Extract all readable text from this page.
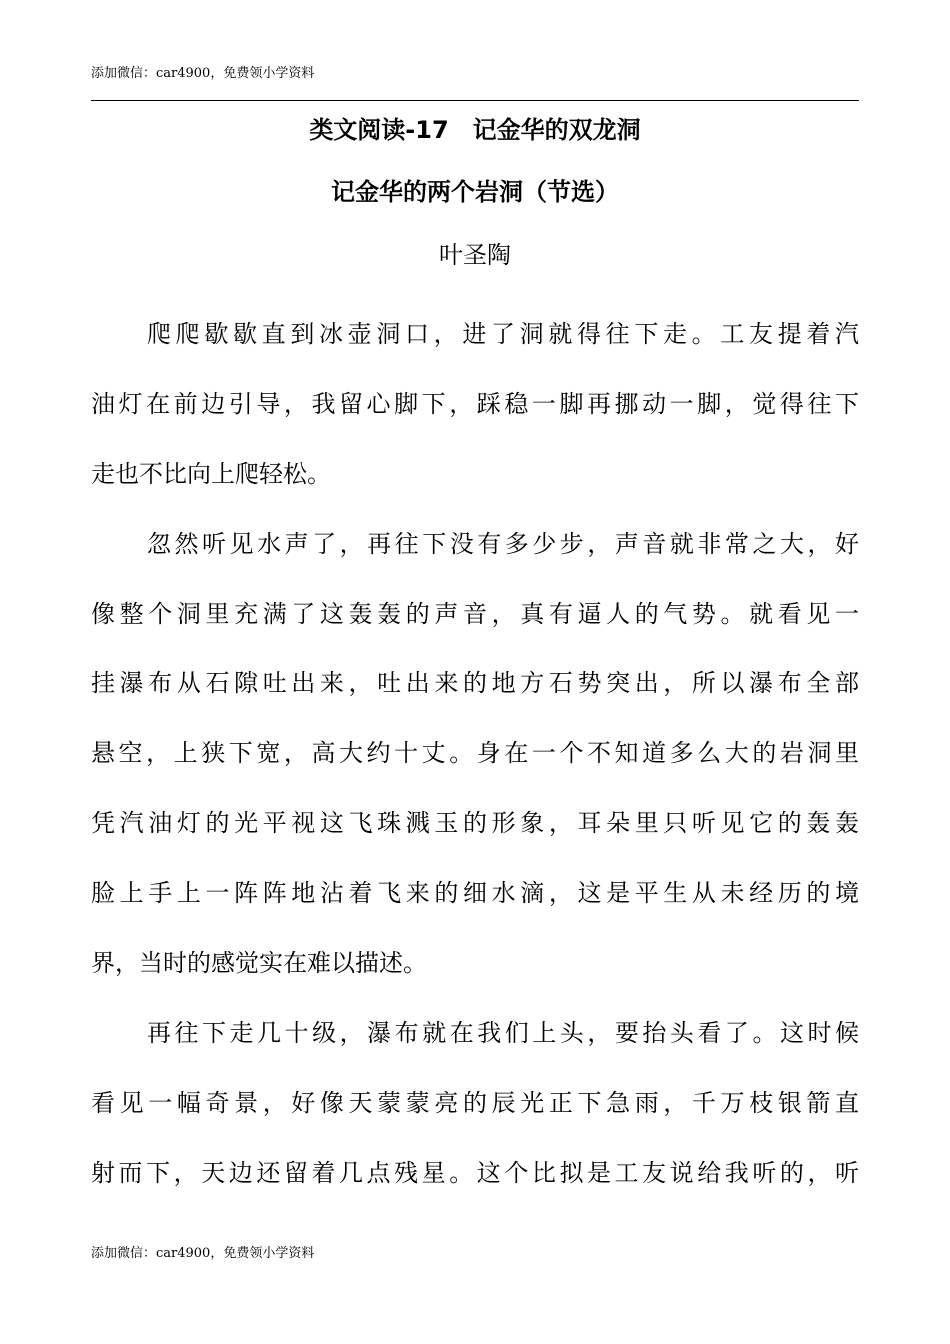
添加微信：car4900，免费领小学资料
类文阅读-17　记金华的双龙洞
记金华的两个岩洞（节选）
叶圣陶
爬爬歇歇直到冰壶洞口，进了洞就得往下走。工友提着汽
油灯在前边引导，我留心脚下，踩稳一脚再挪动一脚，觉得往下
走也不比向上爬轻松。
忽然听见水声了，再往下没有多少步，声音就非常之大，好
像整个洞里充满了这轰轰的声音，真有逼人的气势。就看见一
挂瀑布从石隙吐出来，吐出来的地方石势突出，所以瀑布全部
悬空，上狭下宽，高大约十丈。身在一个不知道多么大的岩洞里
凭汽油灯的光平视这飞珠溅玉的形象，耳朵里只听见它的轰轰
脸上手上一阵阵地沾着飞来的细水滴，这是平生从未经历的境
界，当时的感觉实在难以描述。
再往下走几十级，瀑布就在我们上头，要抬头看了。这时候
看见一幅奇景，好像天蒙蒙亮的辰光正下急雨，千万枝银箭直
射而下，天边还留着几点残星。这个比拟是工友说给我听的，听
添加微信：car4900，免费领小学资料
